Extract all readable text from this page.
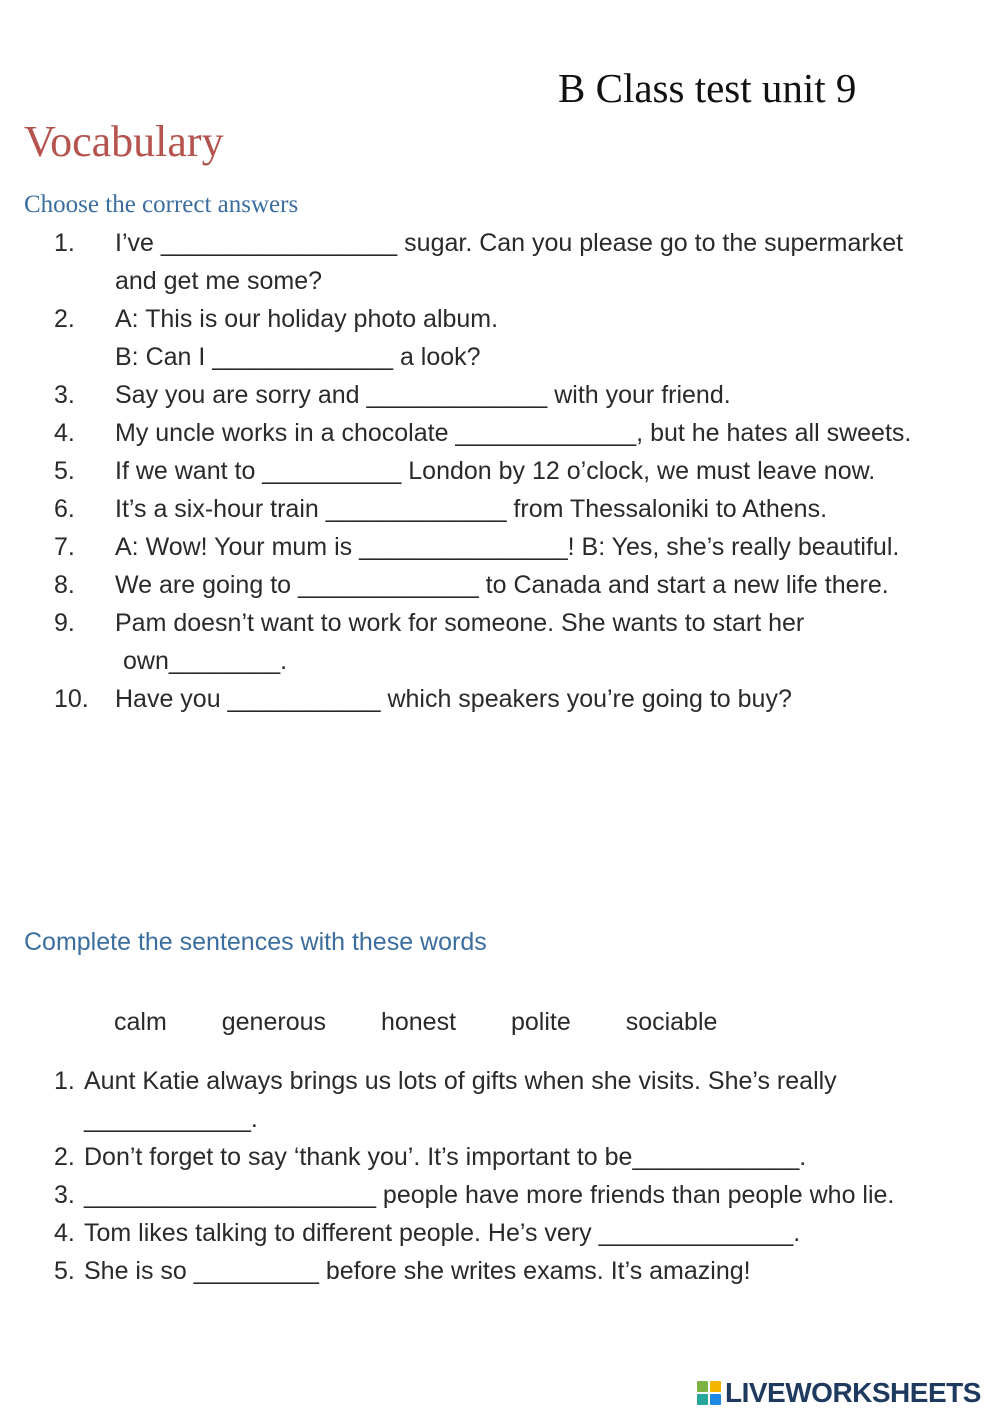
B Class test unit 9
Vocabulary
Choose the correct answers
1. I’ve _________________ sugar. Can you please go to the supermarket and get me some?
2. A: This is our holiday photo album.
B: Can I _____________ a look?
3. Say you are sorry and _____________ with your friend.
4. My uncle works in a chocolate _____________, but he hates all sweets.
5. If we want to __________ London by 12 o’clock, we must leave now.
6. It’s a six-hour train _____________ from Thessaloniki to Athens.
7. A: Wow! Your mum is _______________! B: Yes, she’s really beautiful.
8. We are going to _____________ to Canada and start a new life there.
9. Pam doesn’t want to work for someone. She wants to start her
own________.
10. Have you ___________ which speakers you’re going to buy?
Complete the sentences with these words
calm generous honest polite sociable
1. Aunt Katie always brings us lots of gifts when she visits. She’s really ____________.
2. Don’t forget to say ‘thank you’. It’s important to be____________.
3. _____________________ people have more friends than people who lie.
4. Tom likes talking to different people. He’s very ______________.
5. She is so _________ before she writes exams. It’s amazing!
LIVEWORKSHEETS
